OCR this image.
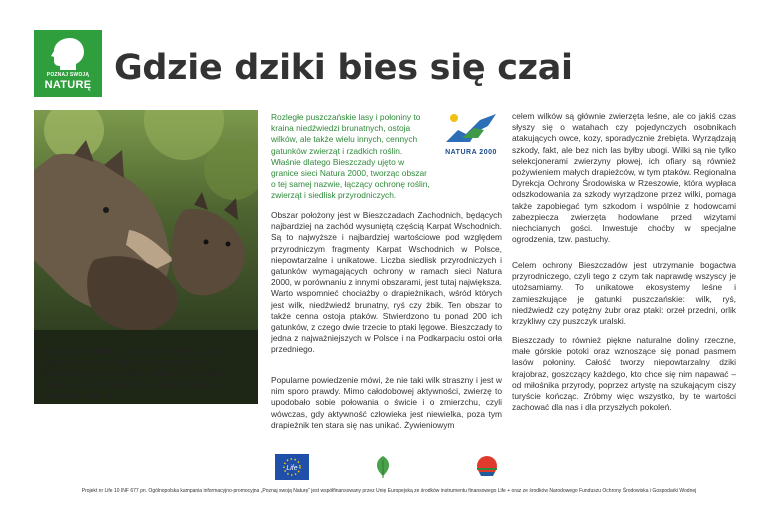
POZNAJ SWOJĄ
NATURĘ Gdzie dziki bies się czai

Każdy z nas wolałby ich na żywo nie spotkać, choć chętnie wracamy do dziecięcych wspomnień o bajkowych igraszkach „Wilka i zająca”. Takie dzikie, unikatowe na skalę światową atrakcje gwarantuje bieszczadzka kraina.

Rozległe puszczańskie lasy i połoniny to kraina niedźwiedzi brunatnych, ostoja wilków, ale także wielu innych, cennych gatunków zwierząt i rzadkich roślin. Właśnie dlatego Bieszczady ujęto w granice sieci Natura 2000, tworząc obszar o tej samej nazwie, łączący ochronę roślin, zwierząt i siedlisk przyrodniczych.

NATURA 2000

Obszar położony jest w Bieszczadach Zachodnich, będących najbardziej na zachód wysuniętą częścią Karpat Wschodnich. Są to najwyższe i najbardziej wartościowe pod względem przyrodniczym fragmenty Karpat Wschodnich w Polsce, niepowtarzalne i unikatowe. Liczba siedlisk przyrodniczych i gatunków wymagających ochrony w ramach sieci Natura 2000, w porównaniu z innymi obszarami, jest tutaj największa. Warto wspomnieć chociażby o drapieżnikach, wśród których jest wilk, niedźwiedź brunatny, ryś czy żbik. Ten obszar to także cenna ostoja ptaków. Stwierdzono tu ponad 200 ich gatunków, z czego dwie trzecie to ptaki lęgowe. Bieszczady to jedna z najważniejszych w Polsce i na Podkarpaciu ostoi orła przedniego.

Popularne powiedzenie mówi, że nie taki wilk straszny i jest w nim sporo prawdy. Mimo całodobowej aktywności, zwierzę to upodobało sobie połowania o świcie i o zmierzchu, czyli wówczas, gdy aktywność człowieka jest niewielka, poza tym drapieżnik ten stara się nas unikać. Żywieniowym

celem wilków są głównie zwierzęta leśne, ale co jakiś czas słyszy się o watahach czy pojedynczych osobnikach atakujących owce, kozy, sporadycznie źrebięta. Wyrządzają szkody, fakt, ale bez nich las byłby ubogi. Wilki są nie tylko selekcjonerami zwierzyny płowej, ich ofiary są również pożywieniem małych drapieżców, w tym ptaków. Regionalna Dyrekcja Ochrony Środowiska w Rzeszowie, która wypłaca odszkodowania za szkody wyrządzone przez wilki, pomaga także zapobiegać tym szkodom i wspólnie z hodowcami zabezpiecza zwierzęta hodowlane przed wizytami niechcianych gości. Inwestuje choćby w specjalne ogrodzenia, tzw. pastuchy.

Celem ochrony Bieszczadów jest utrzymanie bogactwa przyrodniczego, czyli tego z czym tak naprawdę wszyscy je utożsamiamy. To unikatowe ekosystemy leśne i zamieszkujące je gatunki puszczańskie: wilk, ryś, niedźwiedź czy potężny żubr oraz ptaki: orzeł przedni, orlik krzykliwy czy puszczyk uralski.

Bieszczady to również piękne naturalne doliny rzeczne, małe górskie potoki oraz wznoszące się ponad pasmem lasów połoniny. Całość tworzy niepowtarzalny dziki krajobraz, goszczący każdego, kto chce się nim napawać – od miłośnika przyrody, poprzez artystę na szukającym ciszy turyście kończąc. Zróbmy więc wszystko, by te wartości zachować dla nas i dla przyszłych pokoleń.

Life

Projekt nr Life 10 INF 677 pn. Ogólnopolska kampania informacyjno-promocyjna „Poznaj swoją Naturę” jest współfinansowany przez Unię Europejską ze środków instrumentu finansowego Life + oraz ze środków Narodowego Funduszu Ochrony Środowiska i Gospodarki Wodnej
